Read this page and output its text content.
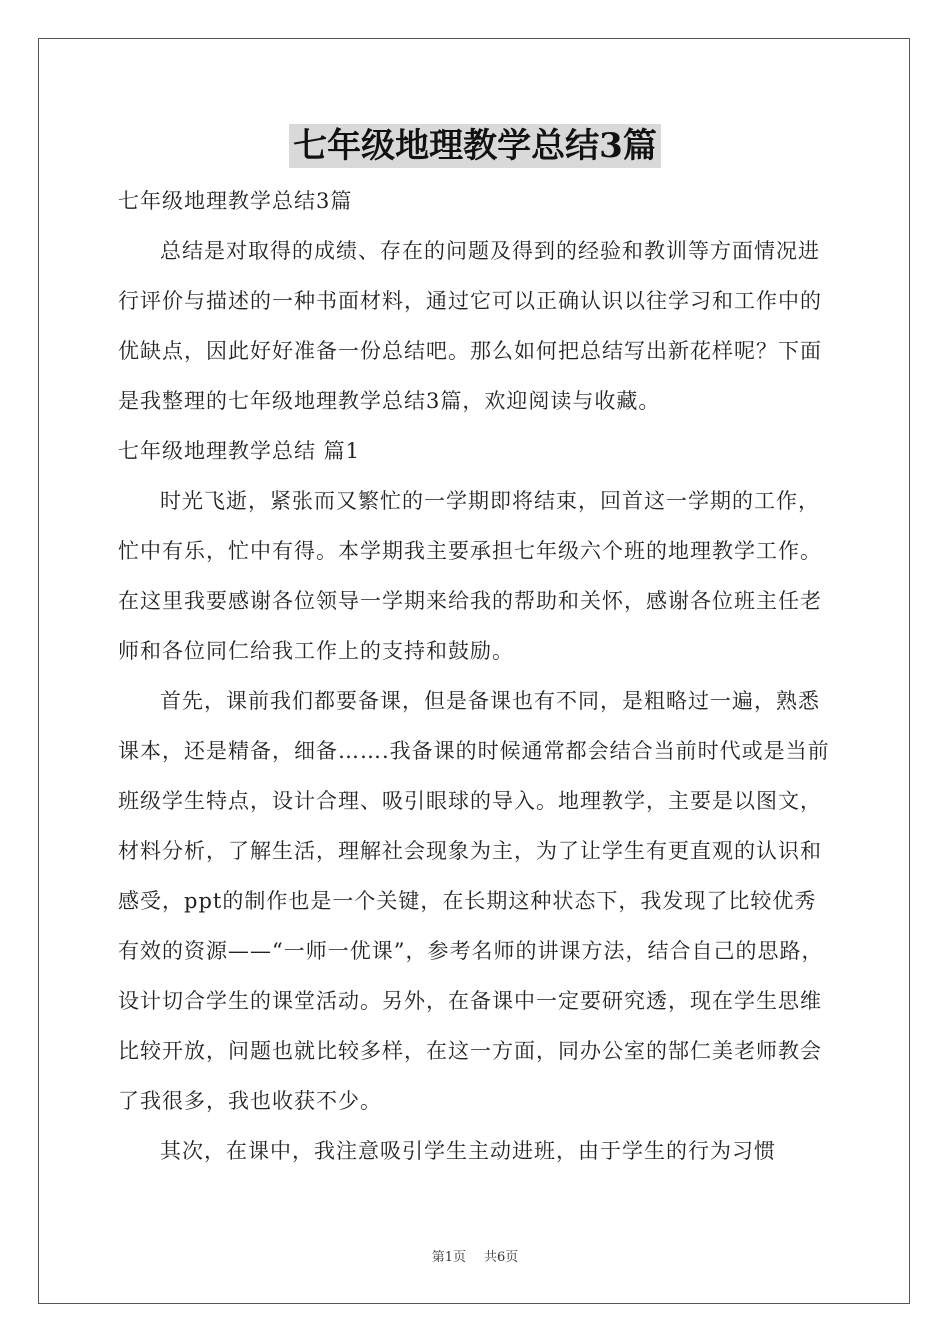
七年级地理教学总结3篇

七年级地理教学总结3篇

总结是对取得的成绩、存在的问题及得到的经验和教训等方面情况进行评价与描述的一种书面材料，通过它可以正确认识以往学习和工作中的优缺点，因此好好准备一份总结吧。那么如何把总结写出新花样呢？下面是我整理的七年级地理教学总结3篇，欢迎阅读与收藏。

七年级地理教学总结 篇1

时光飞逝，紧张而又繁忙的一学期即将结束，回首这一学期的工作，忙中有乐，忙中有得。本学期我主要承担七年级六个班的地理教学工作。在这里我要感谢各位领导一学期来给我的帮助和关怀，感谢各位班主任老师和各位同仁给我工作上的支持和鼓励。

首先，课前我们都要备课，但是备课也有不同，是粗略过一遍，熟悉课本，还是精备，细备…….我备课的时候通常都会结合当前时代或是当前班级学生特点，设计合理、吸引眼球的导入。地理教学，主要是以图文，材料分析，了解生活，理解社会现象为主，为了让学生有更直观的认识和感受，ppt的制作也是一个关键，在长期这种状态下，我发现了比较优秀有效的资源——“一师一优课”，参考名师的讲课方法，结合自己的思路，设计切合学生的课堂活动。另外，在备课中一定要研究透，现在学生思维比较开放，问题也就比较多样，在这一方面，同办公室的郜仁美老师教会了我很多，我也收获不少。

其次，在课中，我注意吸引学生主动进班，由于学生的行为习惯

第1页 共6页
